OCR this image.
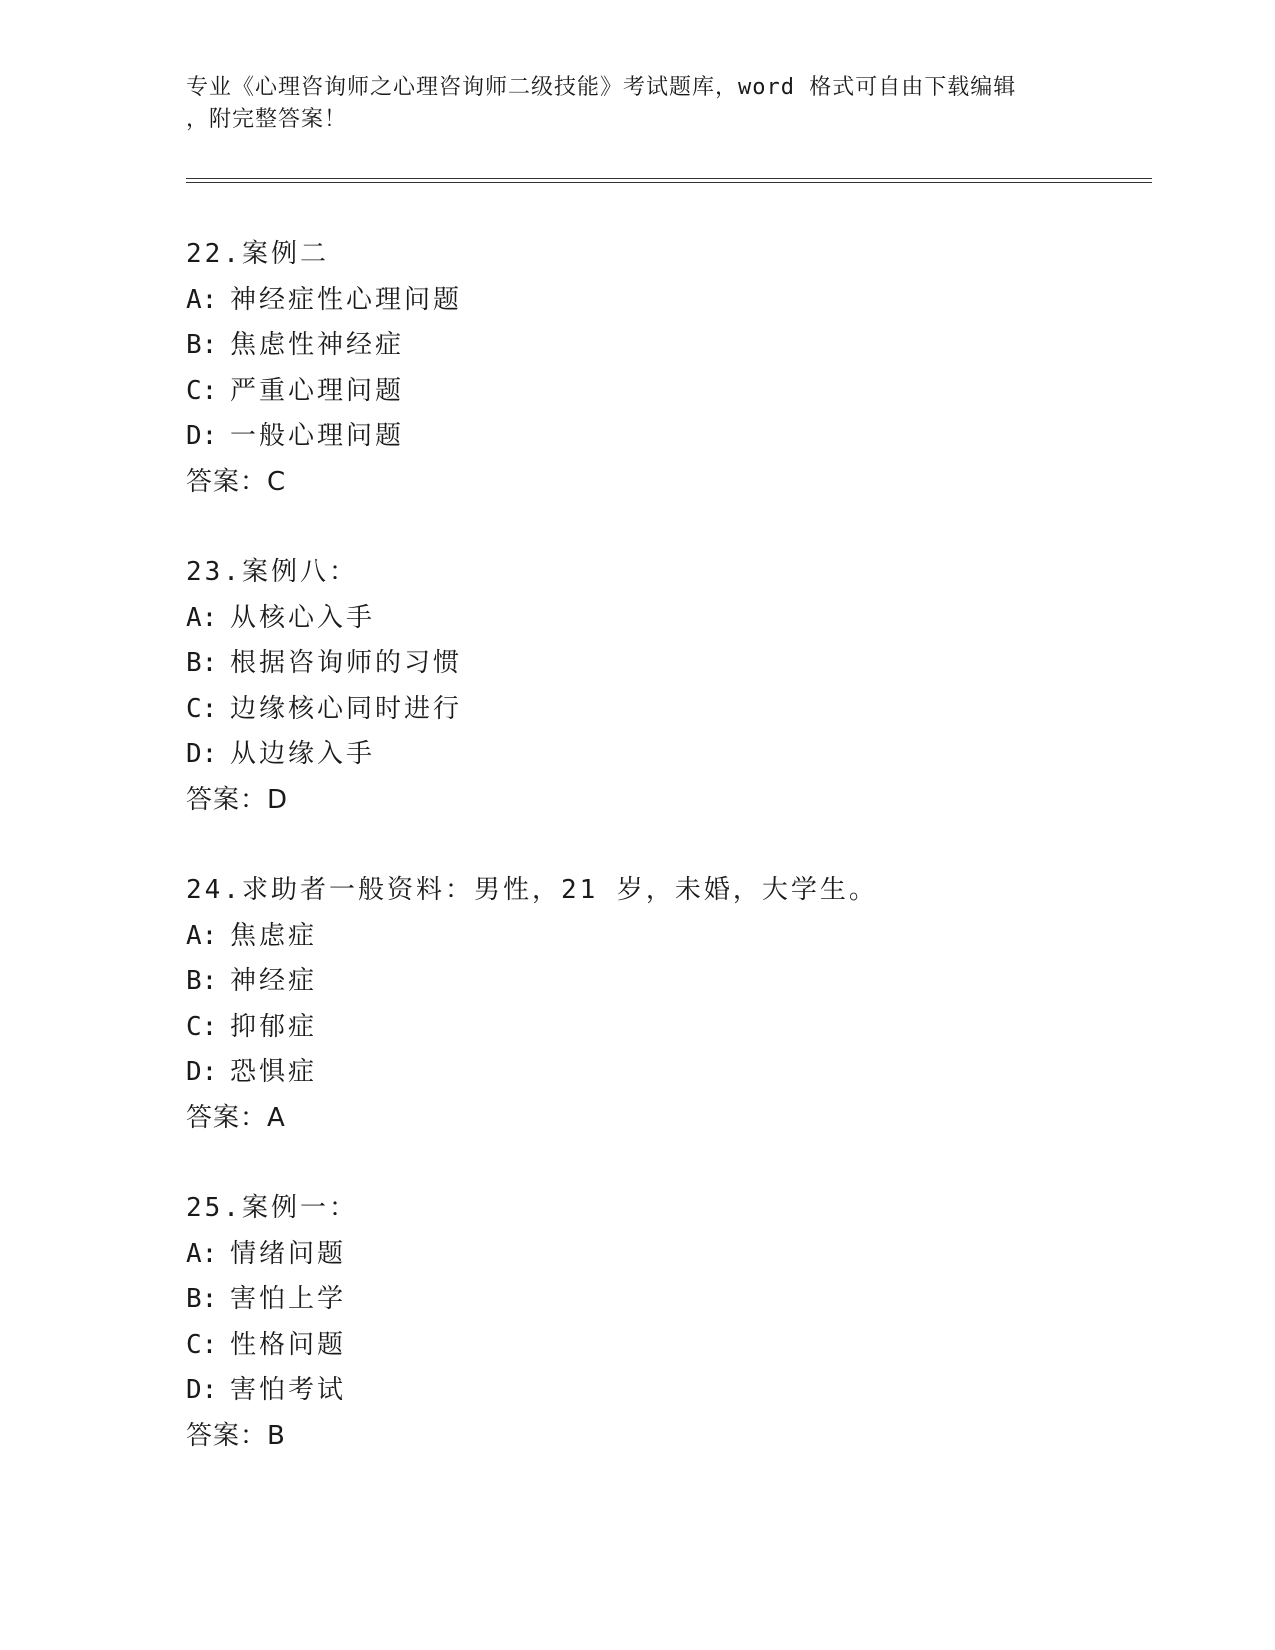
专业《心理咨询师之心理咨询师二级技能》考试题库，word 格式可自由下载编辑
，附完整答案！
22.案例二
A: 神经症性心理问题
B: 焦虑性神经症
C: 严重心理问题
D: 一般心理问题
答案：C
23.案例八：
A: 从核心入手
B: 根据咨询师的习惯
C: 边缘核心同时进行
D: 从边缘入手
答案：D
24.求助者一般资料：男性，21 岁，未婚，大学生。
A: 焦虑症
B: 神经症
C: 抑郁症
D: 恐惧症
答案：A
25.案例一：
A: 情绪问题
B: 害怕上学
C: 性格问题
D: 害怕考试
答案：B
